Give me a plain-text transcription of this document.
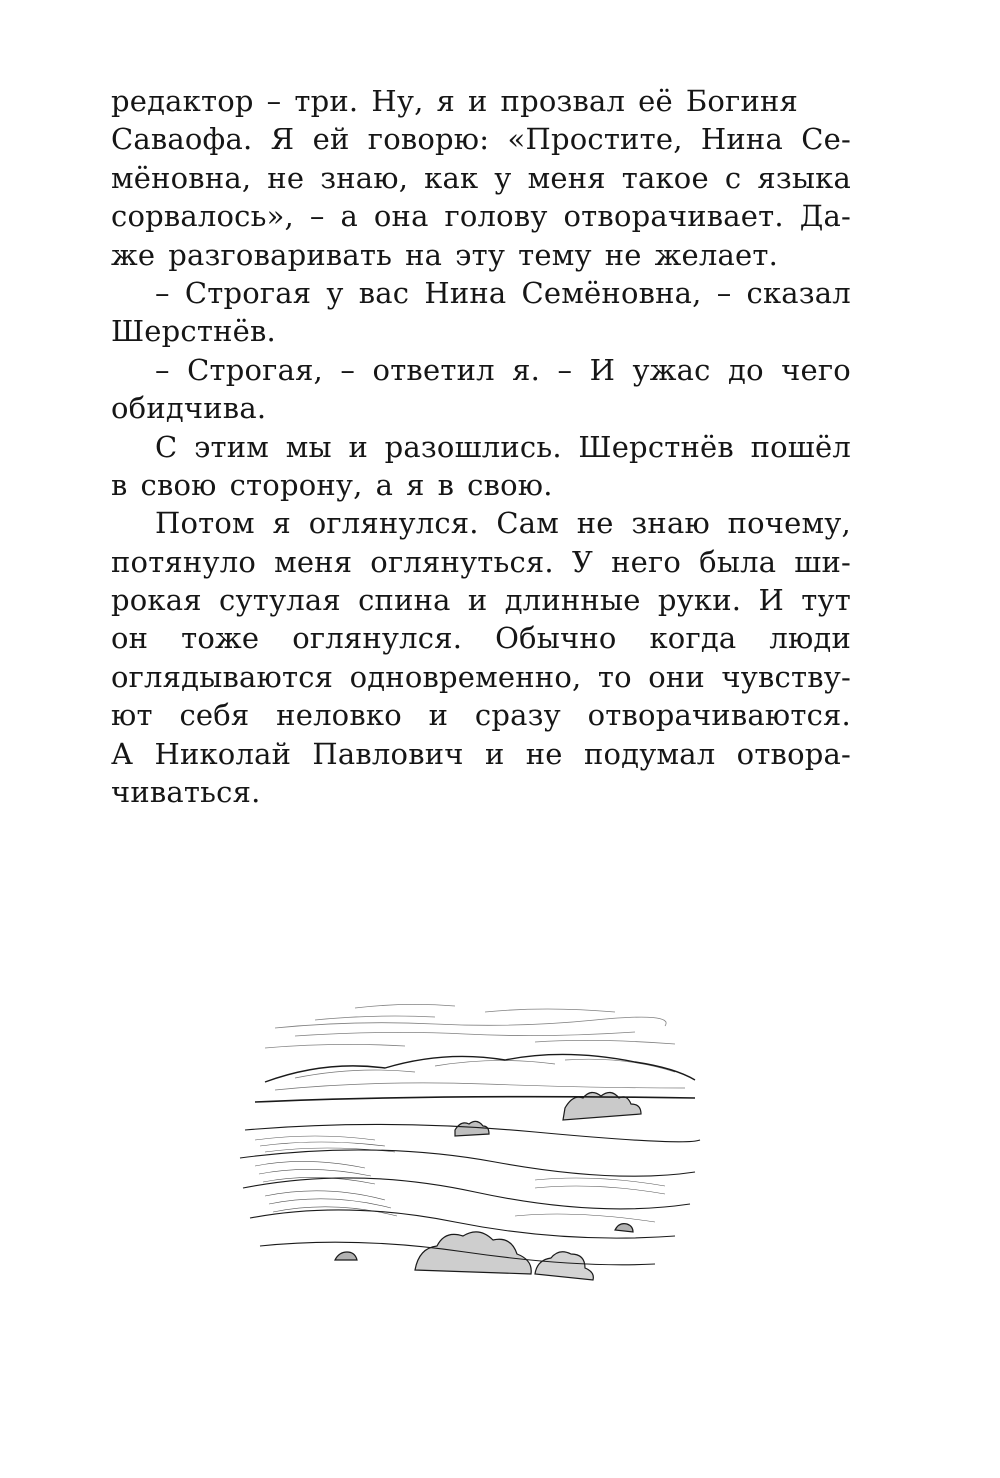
редактор – три. Ну, я и прозвал её Богиня
Саваофа. Я ей говорю: «Простите, Нина Се-
мёновна, не знаю, как у меня такое с языка
сорвалось», – а она голову отворачивает. Да-
же разговаривать на эту тему не желает.
– Строгая у вас Нина Семёновна, – сказал
Шерстнёв.
– Строгая, – ответил я. – И ужас до чего
обидчива.
С этим мы и разошлись. Шерстнёв пошёл
в свою сторону, а я в свою.
Потом я оглянулся. Сам не знаю почему,
потянуло меня оглянуться. У него была ши-
рокая сутулая спина и длинные руки. И тут
он тоже оглянулся. Обычно когда люди
оглядываются одновременно, то они чувству-
ют себя неловко и сразу отворачиваются.
А Николай Павлович и не подумал отвора-
чиваться.
